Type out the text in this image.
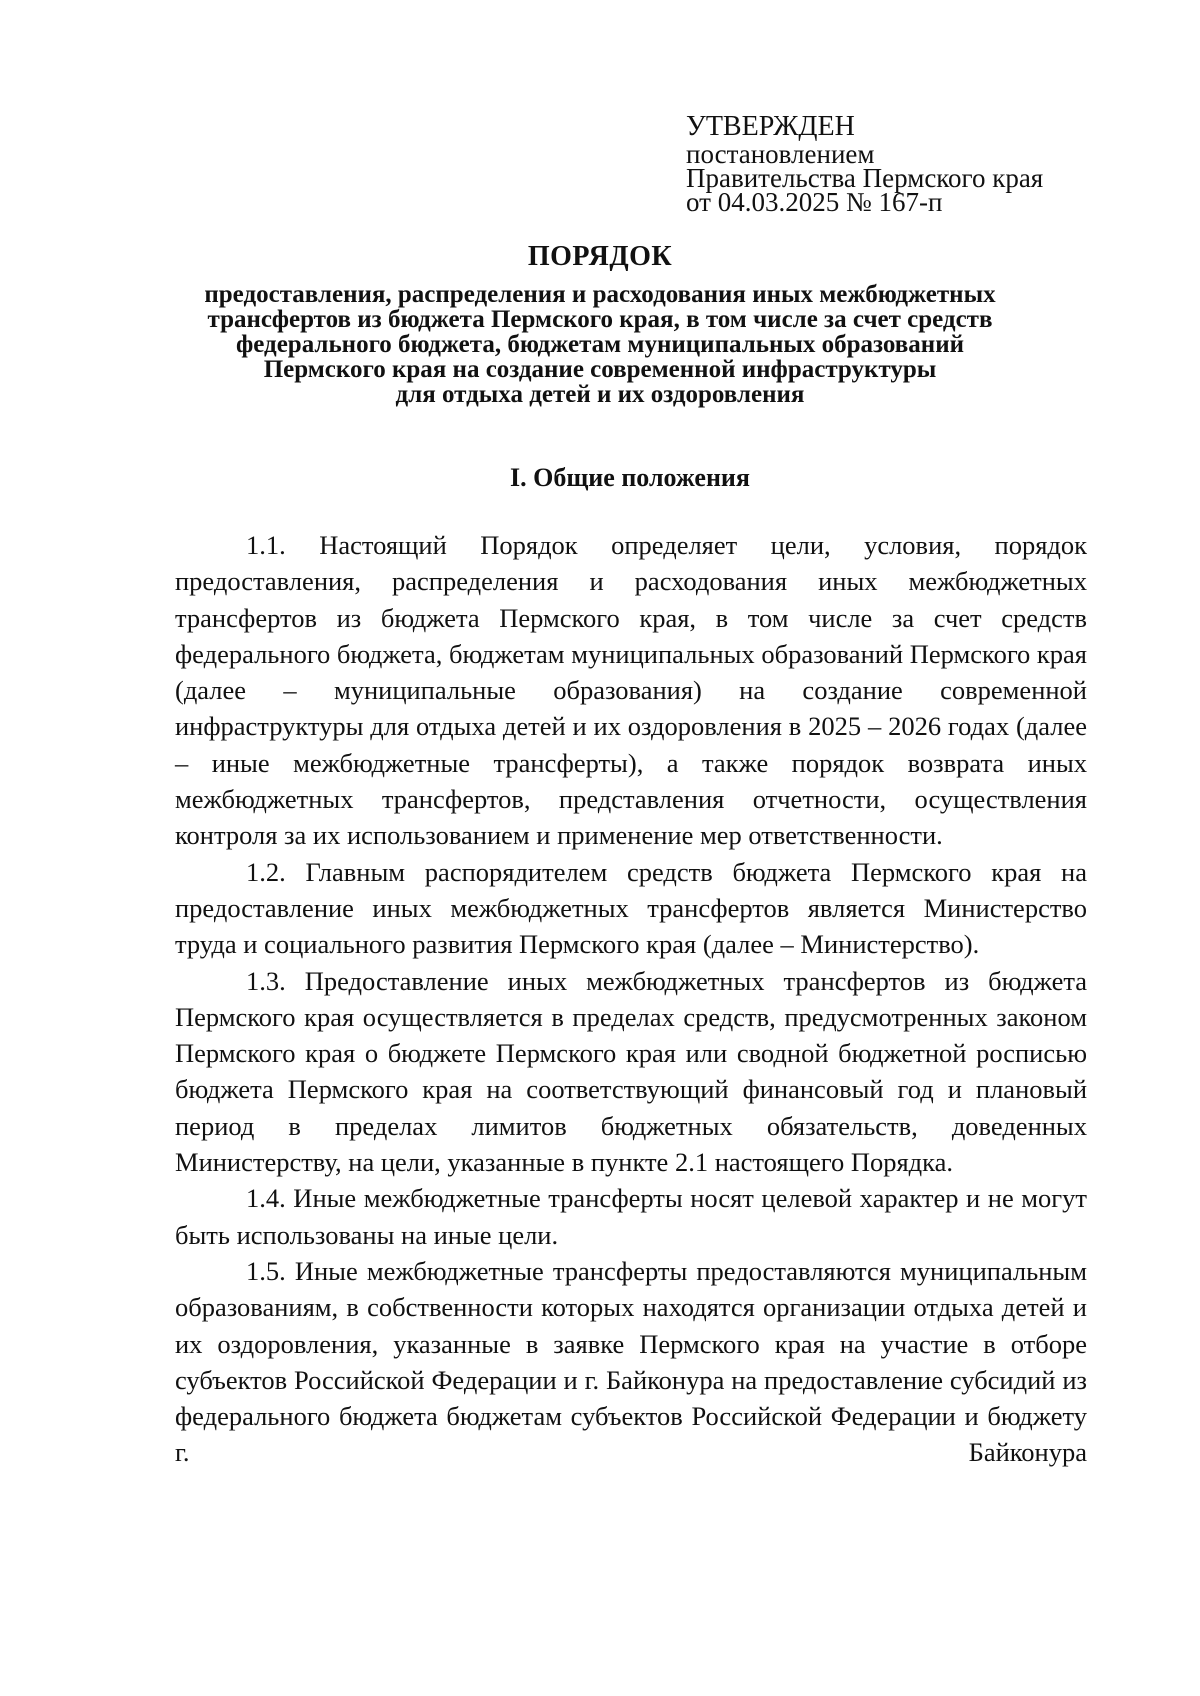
УТВЕРЖДЕН
постановлением
Правительства Пермского края
от 04.03.2025 № 167-п
ПОРЯДОК
предоставления, распределения и расходования иных межбюджетных
трансфертов из бюджета Пермского края, в том числе за счет средств
федерального бюджета, бюджетам муниципальных образований
Пермского края на создание современной инфраструктуры
для отдыха детей и их оздоровления
I. Общие положения

1.1. Настоящий Порядок определяет цели, условия, порядок предоставления, распределения и расходования иных межбюджетных трансфертов из бюджета Пермского края, в том числе за счет средств федерального бюджета, бюджетам муниципальных образований Пермского края (далее – муниципальные образования) на создание современной инфраструктуры для отдыха детей и их оздоровления в 2025 – 2026 годах (далее – иные межбюджетные трансферты), а также порядок возврата иных межбюджетных трансфертов, представления отчетности, осуществления контроля за их использованием и применение мер ответственности.

1.2. Главным распорядителем средств бюджета Пермского края на предоставление иных межбюджетных трансфертов является Министерство труда и социального развития Пермского края (далее – Министерство).

1.3. Предоставление иных межбюджетных трансфертов из бюджета Пермского края осуществляется в пределах средств, предусмотренных законом Пермского края о бюджете Пермского края или сводной бюджетной росписью бюджета Пермского края на соответствующий финансовый год и плановый период в пределах лимитов бюджетных обязательств, доведенных Министерству, на цели, указанные в пункте 2.1 настоящего Порядка.

1.4. Иные межбюджетные трансферты носят целевой характер и не могут быть использованы на иные цели.

1.5. Иные межбюджетные трансферты предоставляются муниципальным образованиям, в собственности которых находятся организации отдыха детей и их оздоровления, указанные в заявке Пермского края на участие в отборе субъектов Российской Федерации и г. Байконура на предоставление субсидий из федерального бюджета бюджетам субъектов Российской Федерации и бюджету г. Байконура
